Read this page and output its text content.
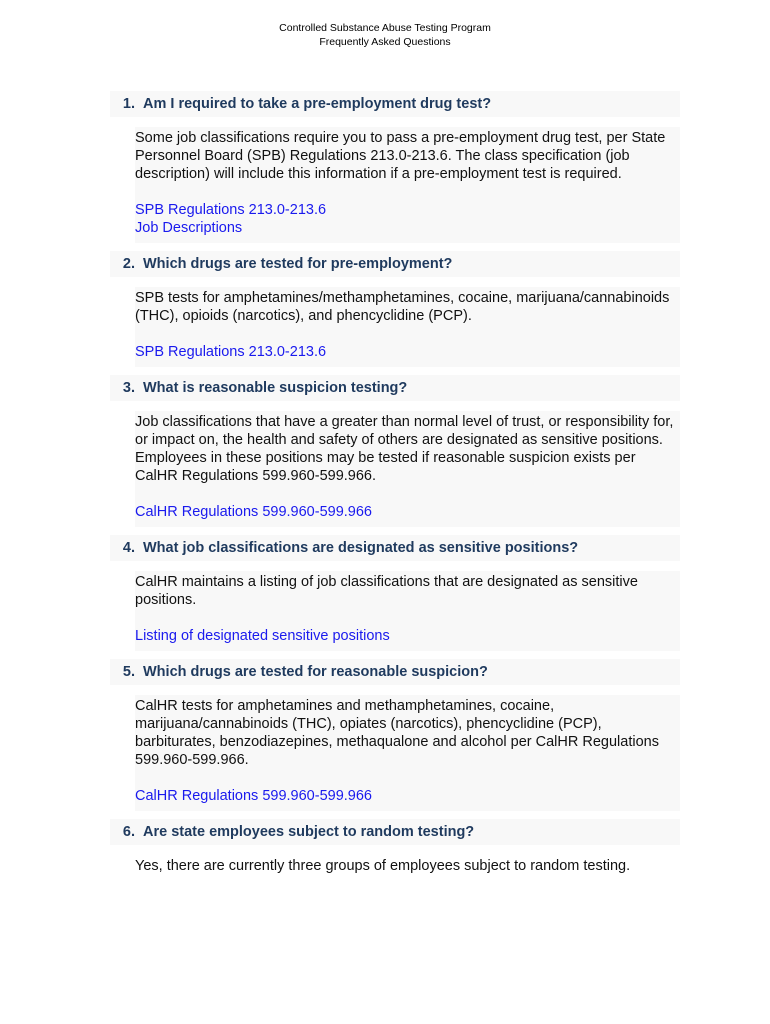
Controlled Substance Abuse Testing Program
Frequently Asked Questions
1. Am I required to take a pre-employment drug test?

Some job classifications require you to pass a pre-employment drug test, per State Personnel Board (SPB) Regulations 213.0-213.6. The class specification (job description) will include this information if a pre-employment test is required.

SPB Regulations 213.0-213.6
Job Descriptions
2. Which drugs are tested for pre-employment?

SPB tests for amphetamines/methamphetamines, cocaine, marijuana/cannabinoids (THC), opioids (narcotics), and phencyclidine (PCP).

SPB Regulations 213.0-213.6
3. What is reasonable suspicion testing?

Job classifications that have a greater than normal level of trust, or responsibility for, or impact on, the health and safety of others are designated as sensitive positions. Employees in these positions may be tested if reasonable suspicion exists per CalHR Regulations 599.960-599.966.

CalHR Regulations 599.960-599.966
4. What job classifications are designated as sensitive positions?

CalHR maintains a listing of job classifications that are designated as sensitive positions.

Listing of designated sensitive positions
5. Which drugs are tested for reasonable suspicion?

CalHR tests for amphetamines and methamphetamines, cocaine, marijuana/cannabinoids (THC), opiates (narcotics), phencyclidine (PCP), barbiturates, benzodiazepines, methaqualone and alcohol per CalHR Regulations 599.960-599.966.

CalHR Regulations 599.960-599.966
6. Are state employees subject to random testing?

Yes, there are currently three groups of employees subject to random testing.
